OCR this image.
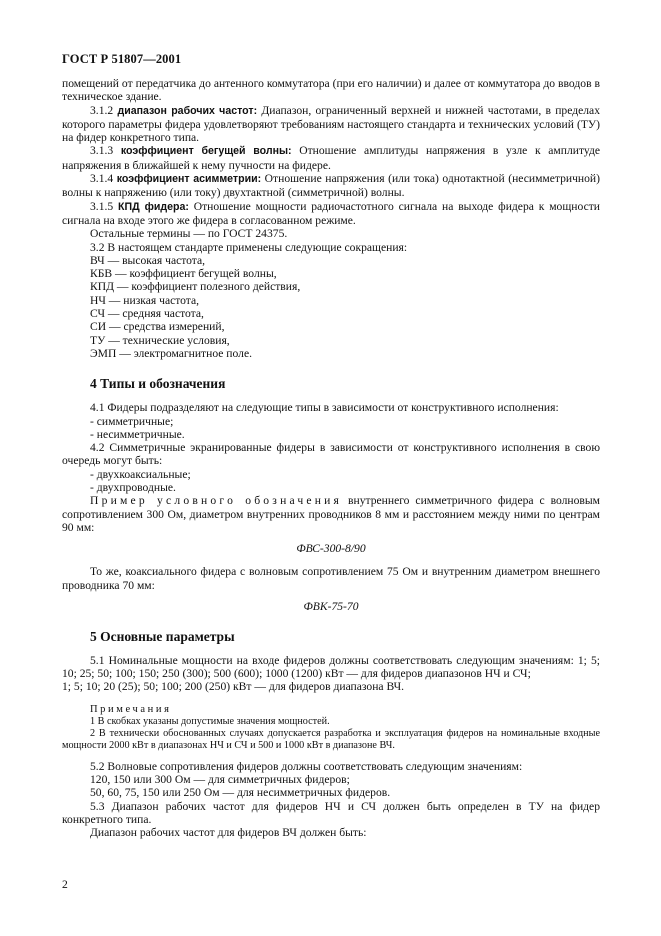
ГОСТ Р 51807—2001

помещений от передатчика до антенного коммутатора (при его наличии) и далее от коммутатора до вводов в техническое здание.

3.1.2 диапазон рабочих частот: Диапазон, ограниченный верхней и нижней частотами, в пределах которого параметры фидера удовлетворяют требованиям настоящего стандарта и технических условий (ТУ) на фидер конкретного типа.

3.1.3 коэффициент бегущей волны: Отношение амплитуды напряжения в узле к амплитуде напряжения в ближайшей к нему пучности на фидере.

3.1.4 коэффициент асимметрии: Отношение напряжения (или тока) однотактной (несимметричной) волны к напряжению (или току) двухтактной (симметричной) волны.

3.1.5 КПД фидера: Отношение мощности радиочастотного сигнала на выходе фидера к мощности сигнала на входе этого же фидера в согласованном режиме.

Остальные термины — по ГОСТ 24375.

3.2 В настоящем стандарте применены следующие сокращения:

ВЧ — высокая частота,
КБВ — коэффициент бегущей волны,
КПД — коэффициент полезного действия,
НЧ — низкая частота,
СЧ — средняя частота,
СИ — средства измерений,
ТУ — технические условия,
ЭМП — электромагнитное поле.
4 Типы и обозначения

4.1 Фидеры подразделяют на следующие типы в зависимости от конструктивного исполнения:

- симметричные;
- несимметричные.

4.2 Симметричные экранированные фидеры в зависимости от конструктивного исполнения в свою очередь могут быть:

- двухкоаксиальные;
- двухпроводные.

Пример условного обозначения внутреннего симметричного фидера с волновым сопротивлением 300 Ом, диаметром внутренних проводников 8 мм и расстоянием между ними по центрам 90 мм:

ФВС-300-8/90

То же, коаксиального фидера с волновым сопротивлением 75 Ом и внутренним диаметром внешнего проводника 70 мм:

ФВК-75-70
5 Основные параметры

5.1 Номинальные мощности на входе фидеров должны соответствовать следующим значениям: 1; 5; 10; 25; 50; 100; 150; 250 (300); 500 (600); 1000 (1200) кВт — для фидеров диапазонов НЧ и СЧ;

1; 5; 10; 20 (25); 50; 100; 200 (250) кВт — для фидеров диапазона ВЧ.

Примечания
1 В скобках указаны допустимые значения мощностей.
2 В технически обоснованных случаях допускается разработка и эксплуатация фидеров на номинальные входные мощности 2000 кВт в диапазонах НЧ и СЧ и 500 и 1000 кВт в диапазоне ВЧ.

5.2 Волновые сопротивления фидеров должны соответствовать следующим значениям:

120, 150 или 300 Ом — для симметричных фидеров;

50, 60, 75, 150 или 250 Ом — для несимметричных фидеров.

5.3 Диапазон рабочих частот для фидеров НЧ и СЧ должен быть определен в ТУ на фидер конкретного типа.

Диапазон рабочих частот для фидеров ВЧ должен быть:

2
